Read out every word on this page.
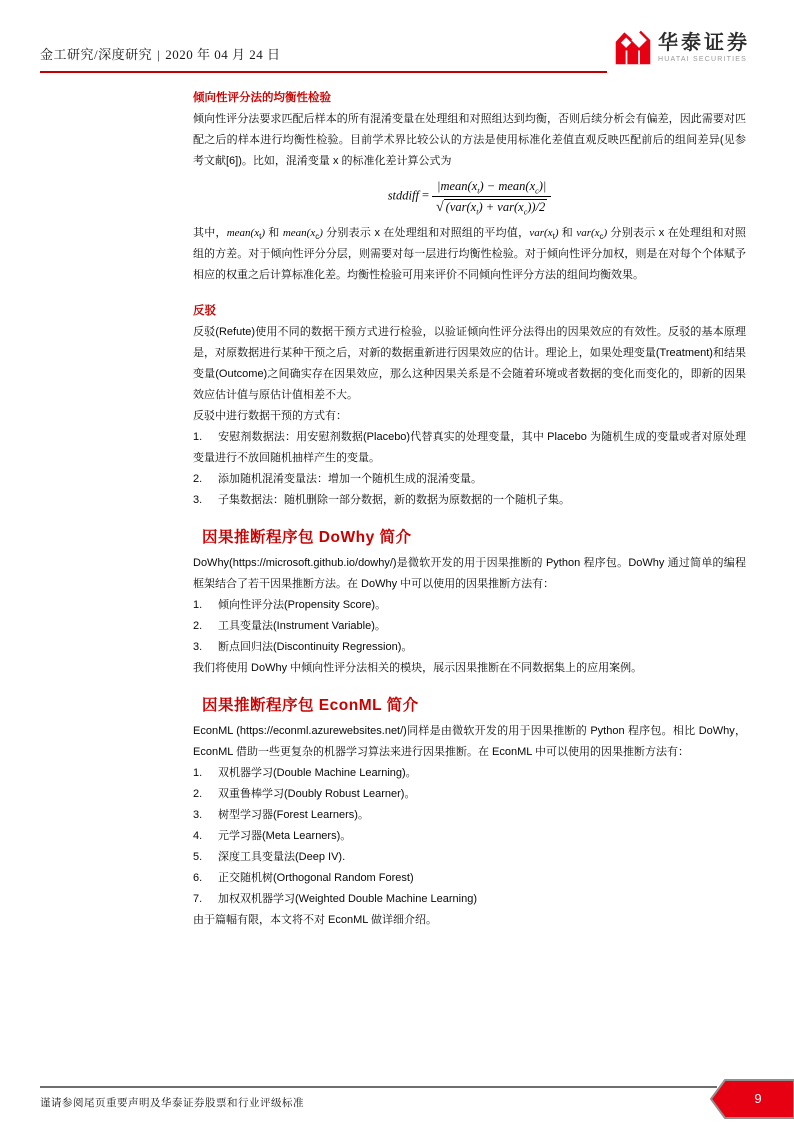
金工研究/深度研究 | 2020 年 04 月 24 日
华泰证券
HUATAI SECURITIES
倾向性评分法的均衡性检验

倾向性评分法要求匹配后样本的所有混淆变量在处理组和对照组达到均衡，否则后续分析会有偏差，因此需要对匹配之后的样本进行均衡性检验。目前学术界比较公认的方法是使用标准化差值直观反映匹配前后的组间差异(见参考文献[6])。比如，混淆变量 x 的标准化差计算公式为

stddiff = $\frac{|mean(x_t) - mean(x_c)|}{√ (var(x_t) + var(x_c))/2}$

其中，$mean(x_t)$ 和 $mean(x_c)$ 分别表示 x 在处理组和对照组的平均值，$var(x_t)$ 和 $var(x_c)$ 分别表示 x 在处理组和对照组的方差。对于倾向性评分分层，则需要对每一层进行均衡性检验。对于倾向性评分加权，则是在对每个个体赋予相应的权重之后计算标准化差。均衡性检验可用来评价不同倾向性评分方法的组间均衡效果。

反驳

反驳(Refute)使用不同的数据干预方式进行检验，以验证倾向性评分法得出的因果效应的有效性。反驳的基本原理是，对原数据进行某种干预之后，对新的数据重新进行因果效应的估计。理论上，如果处理变量(Treatment)和结果变量(Outcome)之间确实存在因果效应，那么这种因果关系是不会随着环境或者数据的变化而变化的，即新的因果效应估计值与原估计值相差不大。

反驳中进行数据干预的方式有：

1. 安慰剂数据法：用安慰剂数据(Placebo)代替真实的处理变量，其中 Placebo 为随机生成的变量或者对原处理变量进行不放回随机抽样产生的变量。

2. 添加随机混淆变量法：增加一个随机生成的混淆变量。

3. 子集数据法：随机删除一部分数据，新的数据为原数据的一个随机子集。

因果推断程序包 DoWhy 简介

DoWhy(https://microsoft.github.io/dowhy/)是微软开发的用于因果推断的 Python 程序包。DoWhy 通过简单的编程框架结合了若干因果推断方法。在 DoWhy 中可以使用的因果推断方法有：

1. 倾向性评分法(Propensity Score)。

2. 工具变量法(Instrument Variable)。

3. 断点回归法(Discontinuity Regression)。

我们将使用 DoWhy 中倾向性评分法相关的模块，展示因果推断在不同数据集上的应用案例。

因果推断程序包 EconML 简介

EconML (https://econml.azurewebsites.net/)同样是由微软开发的用于因果推断的 Python 程序包。相比 DoWhy，EconML 借助一些更复杂的机器学习算法来进行因果推断。在 EconML 中可以使用的因果推断方法有：

1. 双机器学习(Double Machine Learning)。

2. 双重鲁棒学习(Doubly Robust Learner)。

3. 树型学习器(Forest Learners)。

4. 元学习器(Meta Learners)。

5. 深度工具变量法(Deep IV).

6. 正交随机树(Orthogonal Random Forest)

7. 加权双机器学习(Weighted Double Machine Learning)

由于篇幅有限，本文将不对 EconML 做详细介绍。

谨请参阅尾页重要声明及华泰证券股票和行业评级标准	9
